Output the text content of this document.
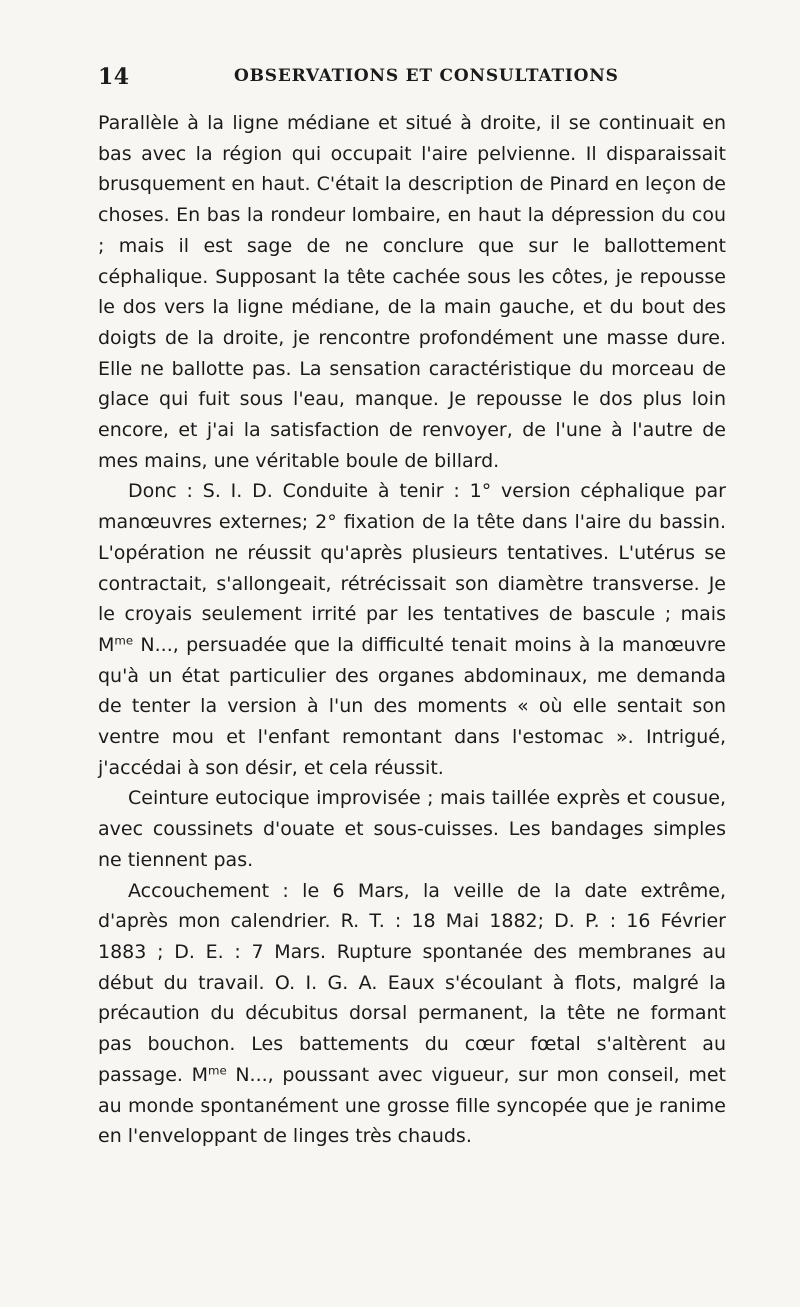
14	OBSERVATIONS ET CONSULTATIONS

Parallèle à la ligne médiane et situé à droite, il se continuait en bas avec la région qui occupait l'aire pelvienne. Il disparaissait brusquement en haut. C'était la description de Pinard en leçon de choses. En bas la rondeur lombaire, en haut la dépression du cou ; mais il est sage de ne conclure que sur le ballottement céphalique. Supposant la tête cachée sous les côtes, je repousse le dos vers la ligne médiane, de la main gauche, et du bout des doigts de la droite, je rencontre profondément une masse dure. Elle ne ballotte pas. La sensation caractéristique du morceau de glace qui fuit sous l'eau, manque. Je repousse le dos plus loin encore, et j'ai la satisfaction de renvoyer, de l'une à l'autre de mes mains, une véritable boule de billard.

Donc : S. I. D. Conduite à tenir : 1° version céphalique par manœuvres externes; 2° fixation de la tête dans l'aire du bassin. L'opération ne réussit qu'après plusieurs tentatives. L'utérus se contractait, s'allongeait, rétrécissait son diamètre transverse. Je le croyais seulement irrité par les tentatives de bascule ; mais $M^{me}$ N..., persuadée que la difficulté tenait moins à la manœuvre qu'à un état particulier des organes abdominaux, me demanda de tenter la version à l'un des moments « où elle sentait son ventre mou et l'enfant remontant dans l'estomac ». Intrigué, j'accédai à son désir, et cela réussit.

Ceinture eutocique improvisée ; mais taillée exprès et cousue, avec coussinets d'ouate et sous-cuisses. Les bandages simples ne tiennent pas.

Accouchement : le 6 Mars, la veille de la date extrême, d'après mon calendrier. R. T. : 18 Mai 1882; D. P. : 16 Février 1883 ; D. E. : 7 Mars. Rupture spontanée des membranes au début du travail. O. I. G. A. Eaux s'écoulant à flots, malgré la précaution du décubitus dorsal permanent, la tête ne formant pas bouchon. Les battements du cœur fœtal s'altèrent au passage. $M^{me}$ N..., poussant avec vigueur, sur mon conseil, met au monde spontanément une grosse fille syncopée que je ranime en l'enveloppant de linges très chauds.
